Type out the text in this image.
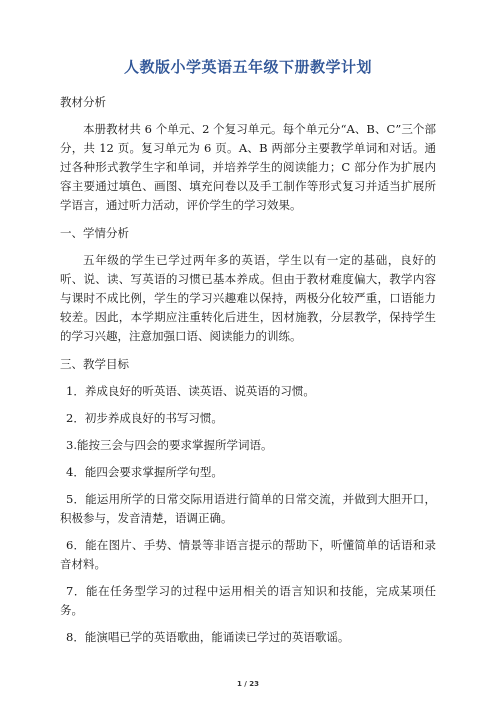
人教版小学英语五年级下册教学计划

教材分析

本册教材共 6 个单元、2 个复习单元。每个单元分“A、B、C”三个部分，共 12 页。复习单元为 6 页。A、B 两部分主要教学单词和对话。通过各种形式教学生字和单词，并培养学生的阅读能力；C 部分作为扩展内容主要通过填色、画图、填充问卷以及手工制作等形式复习并适当扩展所学语言，通过听力活动，评价学生的学习效果。

一、学情分析

五年级的学生已学过两年多的英语，学生以有一定的基础，良好的听、说、读、写英语的习惯已基本养成。但由于教材难度偏大，教学内容与课时不成比例，学生的学习兴趣难以保持，两极分化较严重，口语能力较差。因此，本学期应注重转化后进生，因材施教，分层教学，保持学生的学习兴趣，注意加强口语、阅读能力的训练。

三、教学目标

1．养成良好的听英语、读英语、说英语的习惯。

2．初步养成良好的书写习惯。

3.能按三会与四会的要求掌握所学词语。

4．能四会要求掌握所学句型。

5．能运用所学的日常交际用语进行简单的日常交流，并做到大胆开口，积极参与，发音清楚，语调正确。

6．能在图片、手势、情景等非语言提示的帮助下，听懂简单的话语和录音材料。

7．能在任务型学习的过程中运用相关的语言知识和技能，完成某项任务。

8．能演唱已学的英语歌曲，能诵读已学过的英语歌谣。

1 / 23
